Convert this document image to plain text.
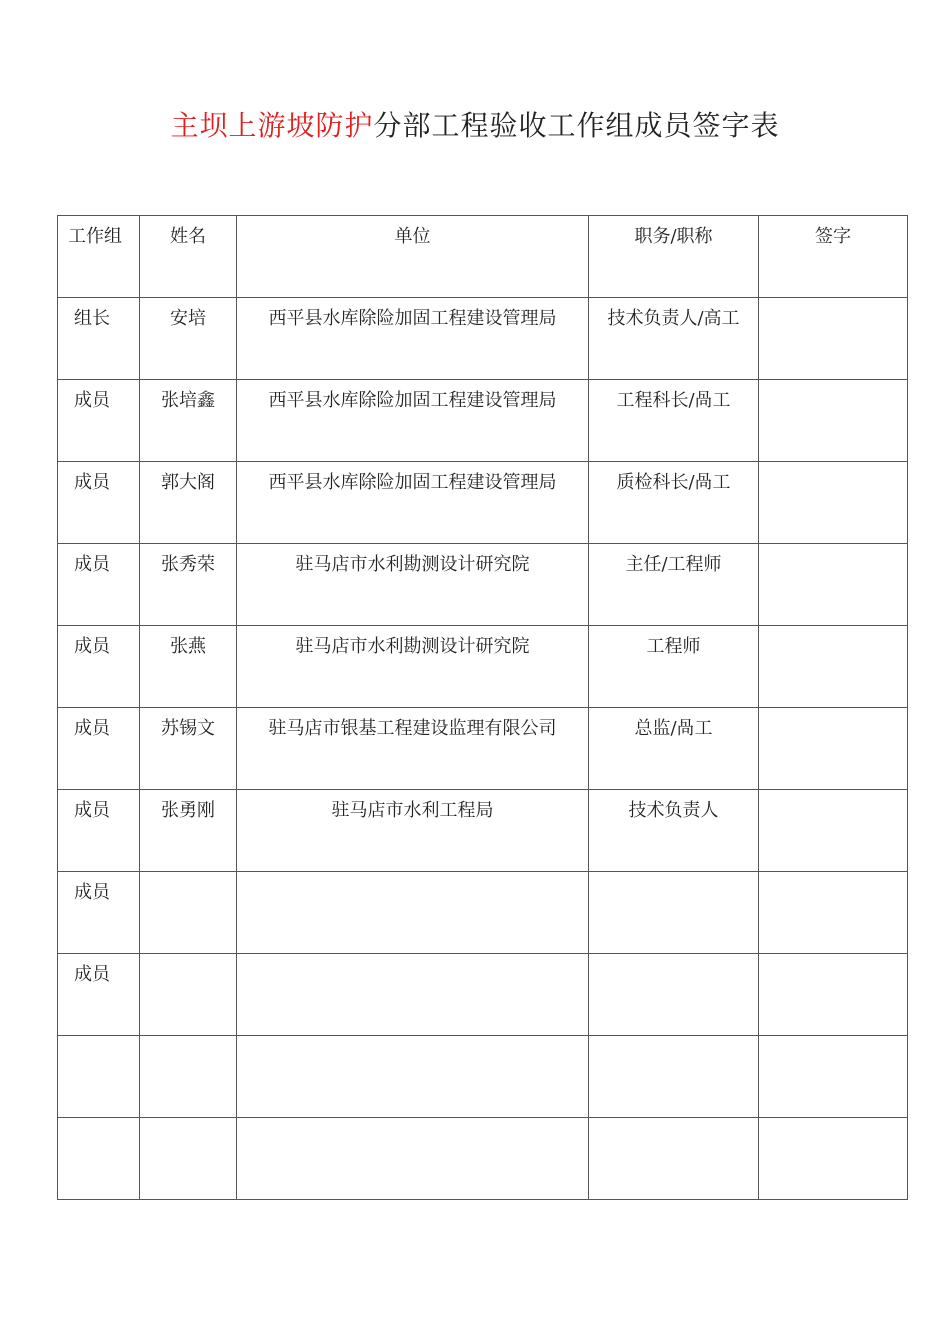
主坝上游坡防护分部工程验收工作组成员签字表
工作组	姓名	单位	职务/职称	签字
组长	安培	西平县水库除险加固工程建设管理局	技术负责人/高工	
成员	张培鑫	西平县水库除险加固工程建设管理局	工程科长/咼工	
成员	郭大阁	西平县水库除险加固工程建设管理局	质检科长/咼工	
成员	张秀荣	驻马店市水利勘测设计研究院	主任/工程师	
成员	张燕	驻马店市水利勘测设计研究院	工程师	
成员	苏锡文	驻马店市银基工程建设监理有限公司	总监/咼工	
成员	张勇刚	驻马店市水利工程局	技术负责人	
成员				
成员				
